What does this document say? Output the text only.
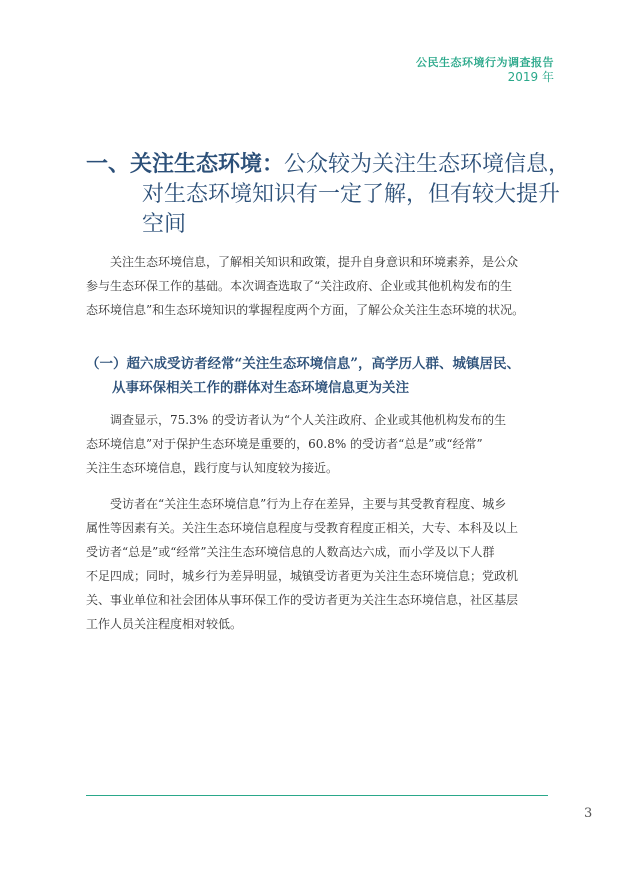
公民生态环境行为调查报告
2019 年
一、关注生态环境：公众较为关注生态环境信息，
对生态环境知识有一定了解，但有较大提升
空间
关注生态环境信息，了解相关知识和政策，提升自身意识和环境素养，是公众
参与生态环保工作的基础。本次调查选取了“关注政府、企业或其他机构发布的生
态环境信息”和生态环境知识的掌握程度两个方面，了解公众关注生态环境的状况。
（一）超六成受访者经常“关注生态环境信息”，高学历人群、城镇居民、
从事环保相关工作的群体对生态环境信息更为关注
调查显示，75.3% 的受访者认为“个人关注政府、企业或其他机构发布的生
态环境信息”对于保护生态环境是重要的，60.8% 的受访者“总是”或“经常”
关注生态环境信息，践行度与认知度较为接近。
受访者在“关注生态环境信息”行为上存在差异，主要与其受教育程度、城乡
属性等因素有关。关注生态环境信息程度与受教育程度正相关，大专、本科及以上
受访者“总是”或“经常”关注生态环境信息的人数高达六成，而小学及以下人群
不足四成；同时，城乡行为差异明显，城镇受访者更为关注生态环境信息；党政机
关、事业单位和社会团体从事环保工作的受访者更为关注生态环境信息，社区基层
工作人员关注程度相对较低。
3
